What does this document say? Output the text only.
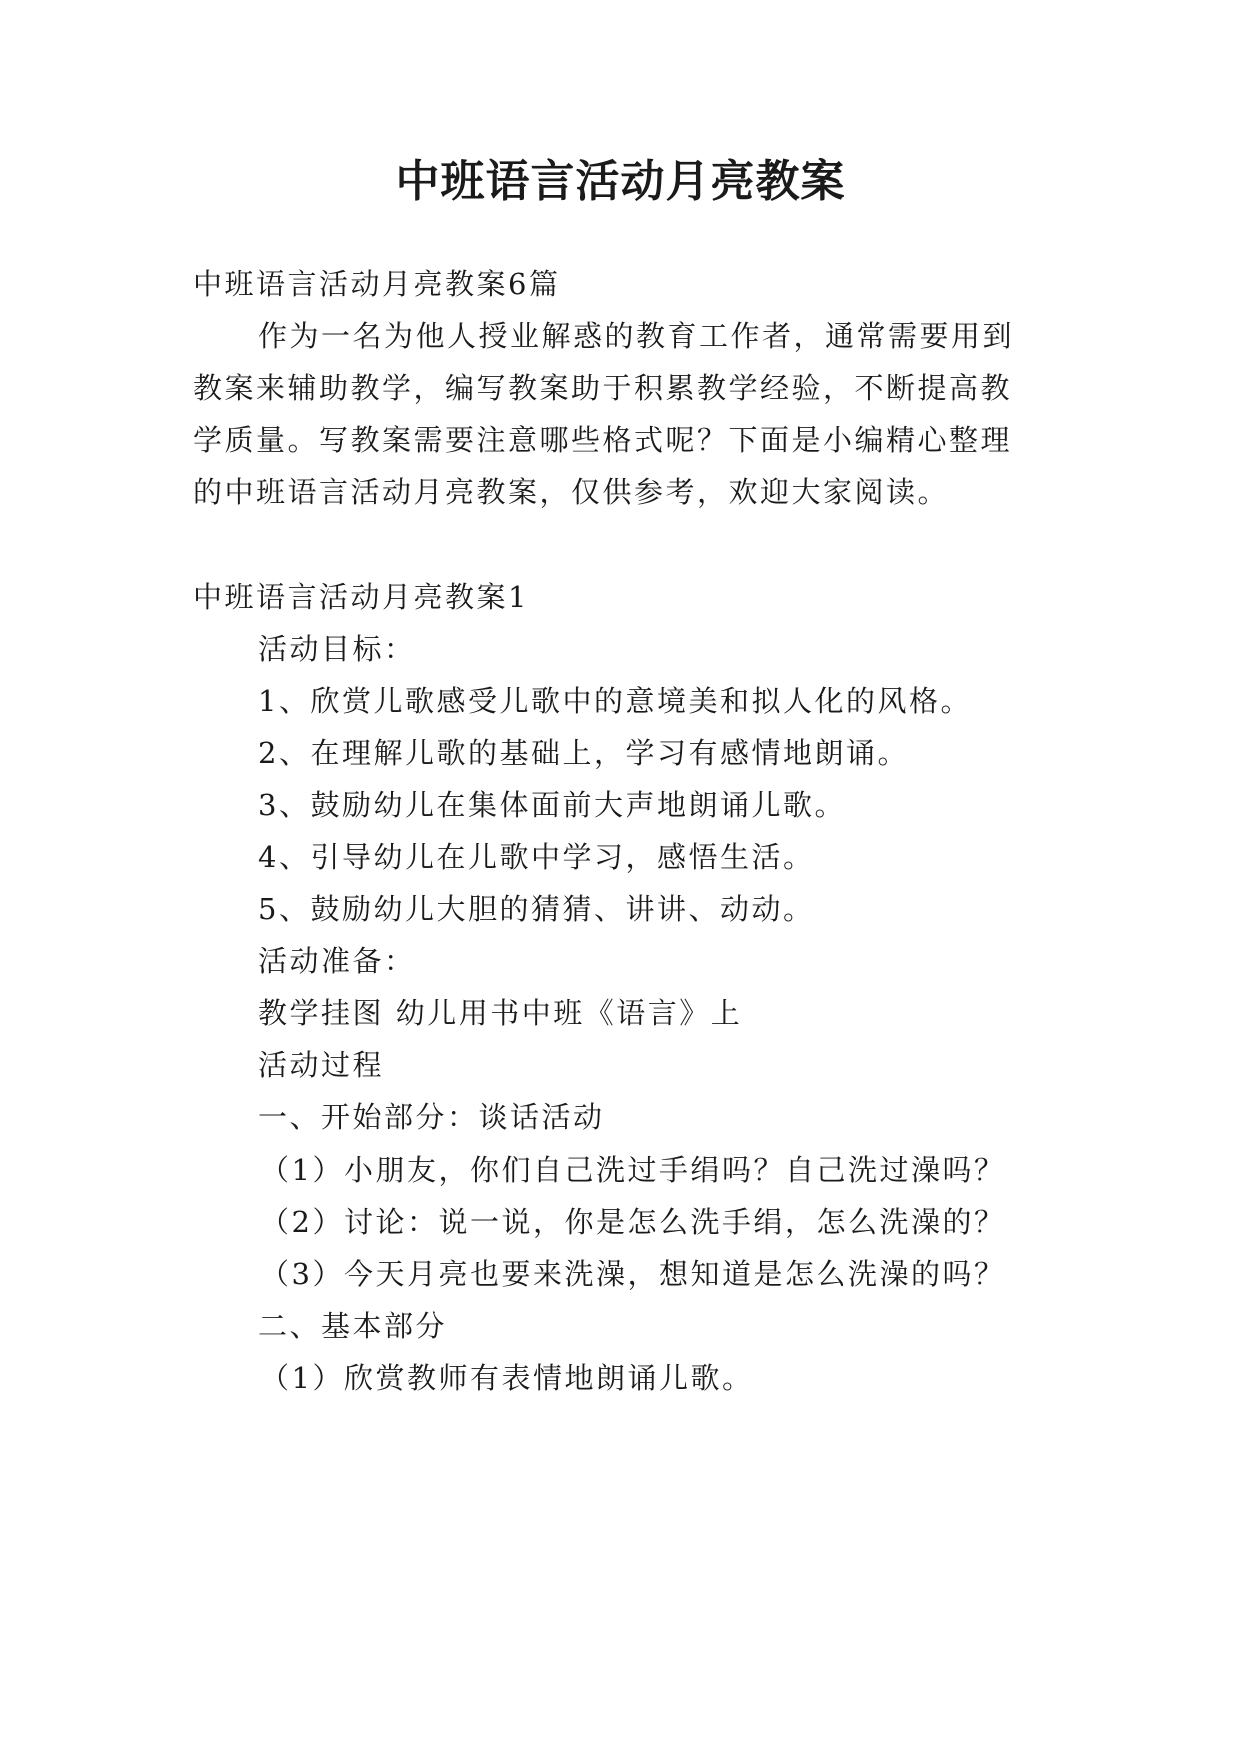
中班语言活动月亮教案

中班语言活动月亮教案6篇

作为一名为他人授业解惑的教育工作者，通常需要用到

教案来辅助教学，编写教案助于积累教学经验，不断提高教

学质量。写教案需要注意哪些格式呢？下面是小编精心整理

的中班语言活动月亮教案，仅供参考，欢迎大家阅读。

中班语言活动月亮教案1

活动目标：

1、欣赏儿歌感受儿歌中的意境美和拟人化的风格。

2、在理解儿歌的基础上，学习有感情地朗诵。

3、鼓励幼儿在集体面前大声地朗诵儿歌。

4、引导幼儿在儿歌中学习，感悟生活。

5、鼓励幼儿大胆的猜猜、讲讲、动动。

活动准备：

教学挂图 幼儿用书中班《语言》上

活动过程

一、开始部分：谈话活动

（1）小朋友，你们自己洗过手绢吗？自己洗过澡吗？

（2）讨论：说一说，你是怎么洗手绢，怎么洗澡的？

（3）今天月亮也要来洗澡，想知道是怎么洗澡的吗？

二、基本部分

（1）欣赏教师有表情地朗诵儿歌。
